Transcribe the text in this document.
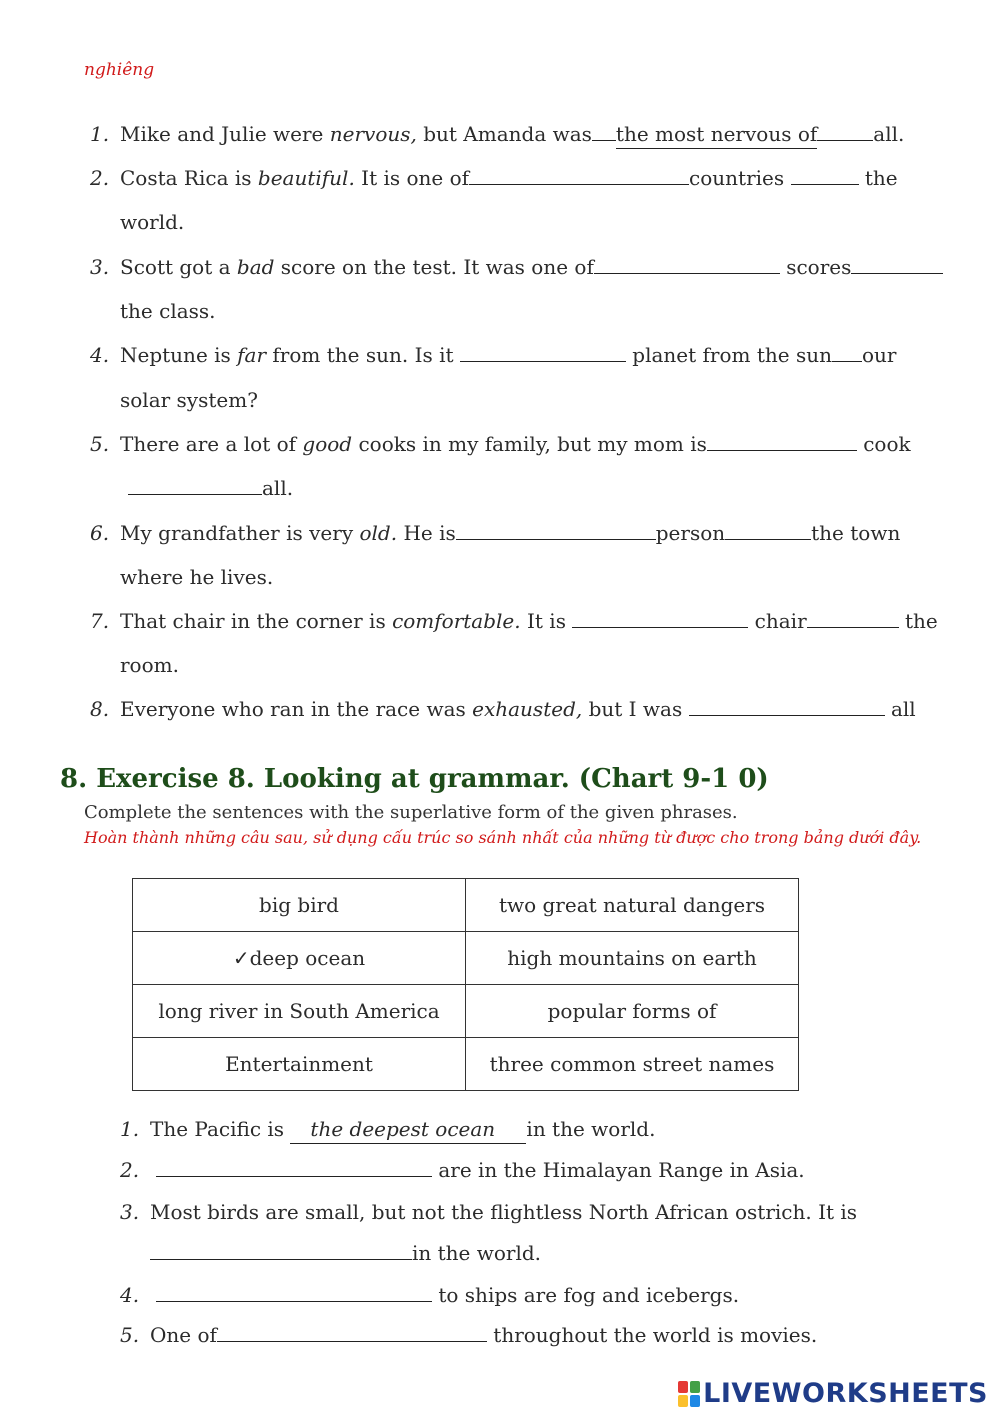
nghiêng
1. Mike and Julie were nervous, but Amanda was the most nervous of	all.
2. Costa Rica is beautiful. It is one of	countries	the
world.
3. Scott got a bad score on the test. It was one of	scores
the class.
4. Neptune is far from the sun. Is it	planet from the sun our
solar system?
5. There are a lot of good cooks in my family, but my mom is	cook
all.
6. My grandfather is very old. He is	person	the town
where he lives.
7. That chair in the corner is comfortable. It is	chair	the
room.
8. Everyone who ran in the race was exhausted, but I was	all
8. Exercise 8. Looking at grammar. (Chart 9-1 0)
Complete the sentences with the superlative form of the given phrases.
Hoàn thành những câu sau, sử dụng cấu trúc so sánh nhất của những từ được cho trong bảng dưới đây.
big bird	two great natural dangers
✓deep ocean	high mountains on earth
long river in South America	popular forms of
Entertainment	three common street names
1. The Pacific is the deepest ocean in the world.
2.	are in the Himalayan Range in Asia.
3. Most birds are small, but not the flightless North African ostrich. It is
in the world.
4.	to ships are fog and icebergs.
5. One of	throughout the world is movies.
LIVEWORKSHEETS
